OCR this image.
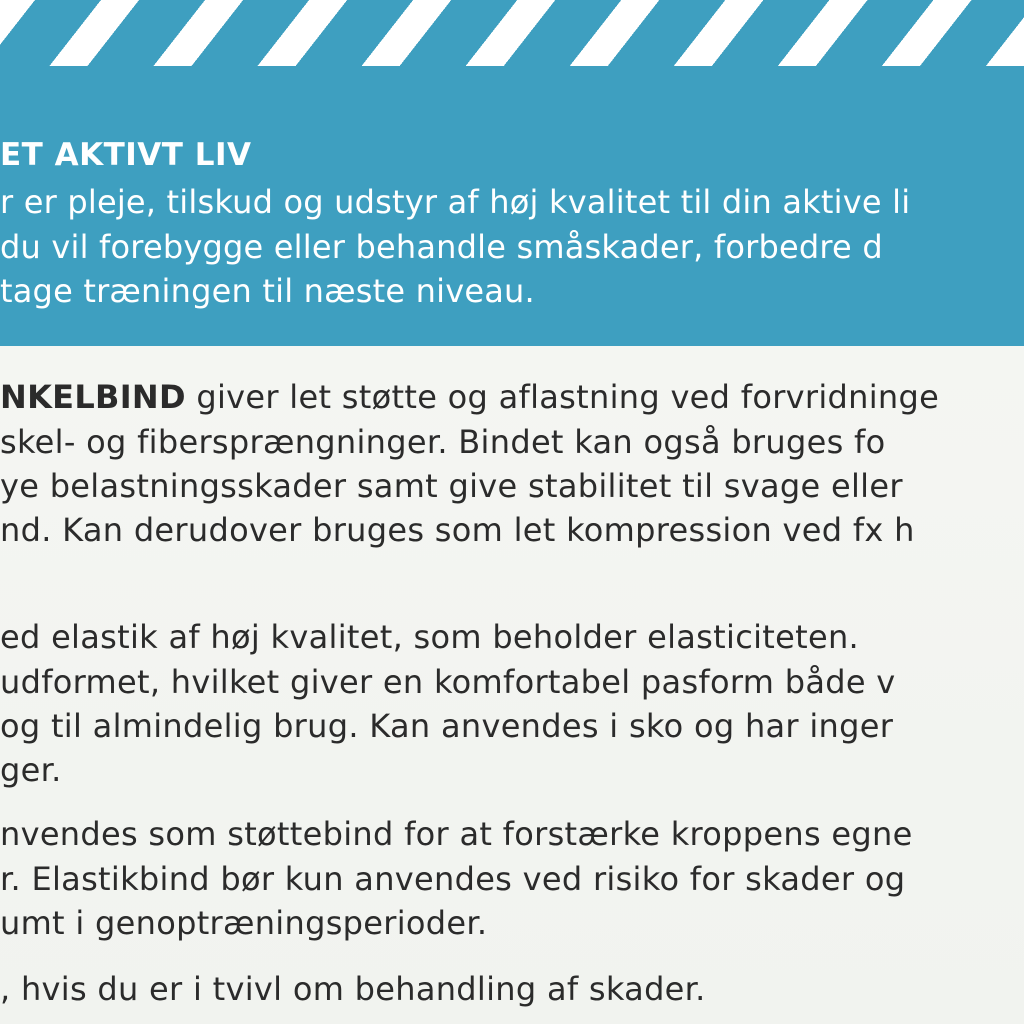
ET AKTIVT LIV
r er pleje, tilskud og udstyr af høj kvalitet til din aktive li
du vil forebygge eller behandle småskader, forbedre d
tage træningen til næste niveau.
NKELBIND giver let støtte og aflastning ved forvridninge
skel- og fibersprængninger. Bindet kan også bruges fo
ye belastningsskader samt give stabilitet til svage eller
nd. Kan derudover bruges som let kompression ved fx h
ed elastik af høj kvalitet, som beholder elasticiteten.
udformet, hvilket giver en komfortabel pasform både v
og til almindelig brug. Kan anvendes i sko og har inger
ger.
nvendes som støttebind for at forstærke kroppens egne
r. Elastikbind bør kun anvendes ved risiko for skader og
umt i genoptræningsperioder.
, hvis du er i tvivl om behandling af skader.
